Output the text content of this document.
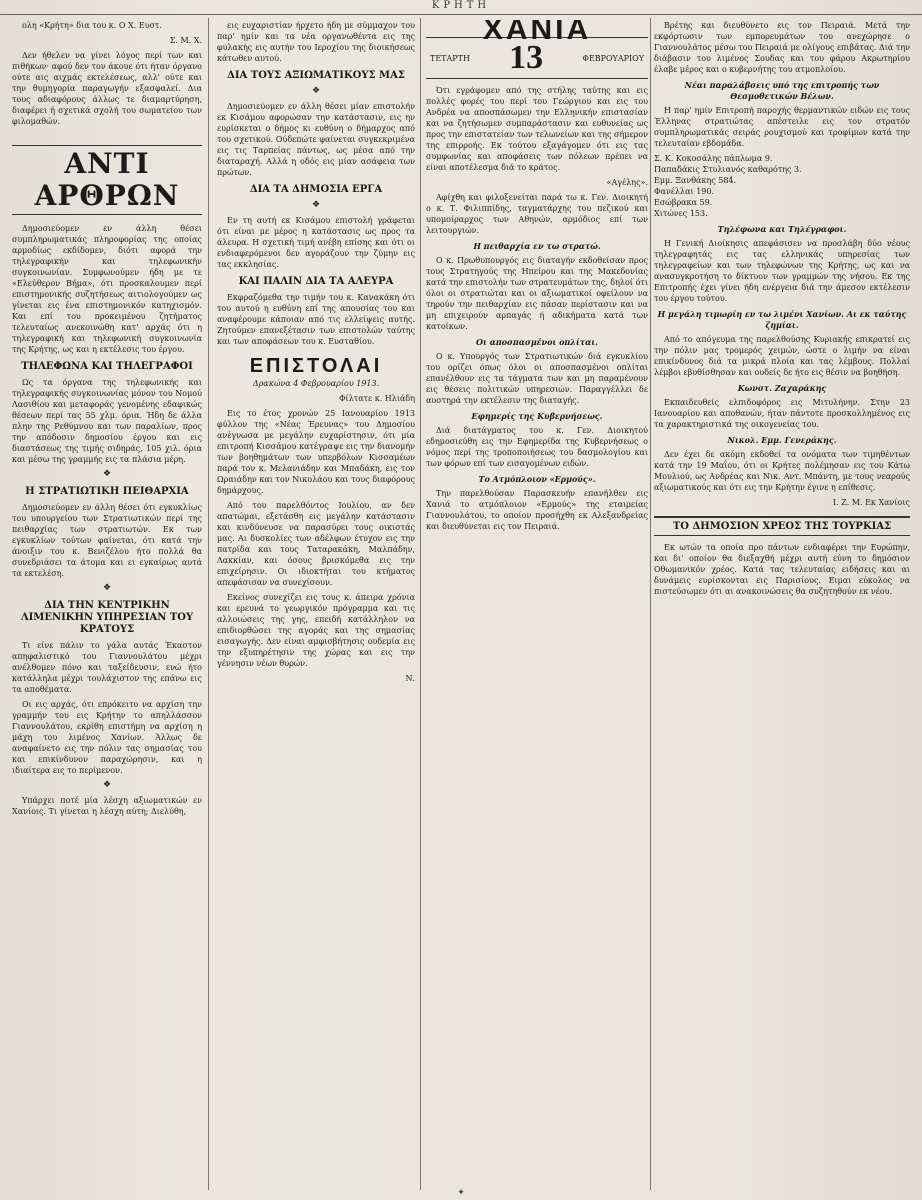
ΚΡΗΤΗ

ολη «Κρήτη» δια του κ. Ο Χ. Ευστ.

Σ. Μ. Χ.

Δεν ήθελεν να γίνει λόγος περί των και πιθήκων· αφού δεν τον άκουε ότι ήταν όργανο ούτε αις αιχμάς εκτελέσεως, αλλ' ούτε και την θυμηγορία παραγωγήν εξασφαλεί. Δια τους αδιαφόρους άλλως τε διαμαρτύρηση, διαφέρει ή σχετικά σχολή του σωματείου των φιλομαθών.

ΑΝΤΙ ΑΡΘΡΩΝ

Δημοσιεύομεν εν άλλη θέσει συμπληρωματικάς πληροφορίας της οποίας αρμοδίως εκδίδομεν, διότι αφορά την τηλεγραφικήν και τηλεφωνικήν συγκοινωνίαν. Συμφωνούμεν ήδη με τε «Ελεύθερον Βήμα», ότι προσκαλουμεν περί επιστημονικής συζητήσεως αιτιολογούμεν ως γίνεται εις ένα επιστημονικόν κατηχισμόν. Και επί του προκειμένου ζητήματος τελευταίως ανεκοινώθη κατ' αρχάς ότι η τηλεγραφική και τηλεφωνική συγκοινωνία της Κρήτης, ως και η εκτέλεσις του έργου.

ΤΗΛΕΦΩΝΑ ΚΑΙ ΤΗΛΕΓΡΑΦΟΙ

Ως τα όργανα της τηλεφωνικής και τηλεγραφικής συγκοινωνίας μόνον του Νομού Λασιθίου και μεταφοράς γενομένης εδαφικώς θέσεων περί τας 55 χλμ. όρια. Ήδη δε άλλα πλην της Ρεθύμνου και των παραλίων, προς την απόδοσιν δημοσίου έργου και εις διαστάσεως της τιμής σιδηράς, 105 χιλ. όρια και μέσω της γραμμής εις τα πλάσια μέρη.

❖
Η ΣΤΡΑΤΙΩΤΙΚΗ ΠΕΙΘΑΡΧΙΑ

Δημοσιεύομεν εν άλλη θέσει ότι εγκυκλίως του υπουργείου των Στρατιωτικών περί της πειθαρχίας των στρατιωτών. Εκ των εγκυκλίων τούτων φαίνεται, ότι κατά την άνοιξιν του κ. Βενιζέλου ήτο πολλά θα συνεδριάσει τα άτομα και ει εγκαίρως αυτά τα εκτελέση.

❖
ΔΙΑ ΤΗΝ ΚΕΝΤΡΙΚΗΝ ΛΙΜΕΝΙΚΗΝ ΥΠΗΡΕΣΙΑΝ ΤΟΥ ΚΡΑΤΟΥΣ

Τι είνε πάλιν το γάλα αυτάς Έκαστον απηφαλιστικό του Γιαννουλάτου μέχρι ανέλθομεν πόνο και ταξείδευσιν, ενώ ήτο κατάλληλα μέχρι τουλάχιστον της επάνω εις τα αποθέματα.

Οι εις αρχάς, ότι επρόκειτο να αρχίση την γραμμήν του εις Κρήτην το απηλλάσσον Γιαννουλάτου, εκρίθη επιστήμη να αρχίση η μάχη του λιμένος Χανίων. Άλλως δε αναφαίνετο εις την πόλιν τας σημασίας του και επικίνδυνον παραχώρησιν, και η ιδιαίτερα εις το περίμενον.

❖

Υπάρχει ποτέ μία λέσχη αξιωματικών εν Χανίοις. Τι γίνεται η λέσχη αύτη; Διελύθη,

εις ευχαριστίαν ήρχετο ήδη με σύμμαχον του παρ' ημίν και τα νέα οργανωθέντα εις της φυλακής εις αυτήν του Ιεροχίου της διοικήσεως κάτωθεν αυτού.

ΔΙΑ ΤΟΥΣ ΑΞΙΩΜΑΤΙΚΟΥΣ ΜΑΣ
❖

Δημοσιεύομεν εν άλλη θέσει μίαν επιστολήν εκ Κισάμου αφορώσαν την κατάστασιν, εις ην ευρίσκεται ο δήμος κι ευθύνη ο δήμαρχος από του σχετικού. Ούδεπώτε φαίνεται συγκεκριμένα εις τις Ταρπείας πάντως, ως μέσα από την διαταραχή. Αλλά η οδός εις μίαν ασάφεια των πρώτων.

ΔΙΑ ΤΑ ΔΗΜΟΣΙΑ ΕΡΓΑ
❖

Εν τη αυτή εκ Κισάμου επιστολή γράφεται ότι είναι με μέρος η κατάστασις ως προς τα άλευρα. Η σχετική τιμή ανέβη επίσης και ότι οι ενδιαφερόμενοι δεν αγοράζουν την ζύμην εις τας εκκλησίας.

ΚΑΙ ΠΑΛΙΝ ΔΙΑ ΤΑ ΑΛΕΥΡΑ

Εκφραζόμεθα την τιμήν του κ. Κανακάκη ότι του αυτού η ευθύνη επί της απουσίας του και αναφέρουμε κάποιαν από τις ελλείψεις αυτής. Ζητούμεν επανεξέτασιν των επιστολών ταύτης και των αποφάσεων του κ. Ευσταθίου.

ΕΠΙΣΤΟΛΑΙ
Δρακώνα 4 Φεβρουαρίου 1913.
Φίλτατε κ. Ηλιάδη

Εις το έτος χρονών 25 Ιανουαρίου 1913 φύλλον της «Νέας Έρευνας» του Δημοσίου ανέγνωσα με μεγάλην ευχαρίστησιν, ότι μία επιτροπή Κισσάμου κατέγραψε εις την διανομήν των βοηθημάτων των υπερβόλων Κισσαμέων παρά τον κ. Μελανιάδην και Μπαδάκη, εις τον Ωραιάδην και τον Νικολάου και τους διαφόρους δημάρχους.

Από του παρελθόντος Ιουλίου, αν δεν απατώμαι, εξετάσθη εις μεγάλην κατάστασιν και κινδύνευσε να παρασύρει τους οικιστάς μας. Αι δυσκολίες των αδέλφων έτυχον εις την πατρίδα και τους Ταταρακάκη, Μαλπάδην, Λακκίαν, και όσους βρισκόμεθα εις την επιχείρησιν. Οι ιδιοκτήται του κτήματος απεφάσισαν να συνεχίσουν.

Εκείνος συνεχίζει εις τους κ. άπειρα χρόνια και ερευνά το γεωργικόν πρόγραμμα και τις αλλοιώσεις της γης, επειδή κατάλληλον να επιδιορθώσει της αγοράς και της σημασίας εισαγωγής. Δεν είναι αμφισβήτησις ουδεμία εις την εξυπηρέτησιν της χώρας και εις την γέννησιν νέων θυρών.

Ν.
ΧΑΝΙΑ
ΤΕΤΑΡΤΗ 13	ΦΕΒΡΟΥΑΡΙΟΥ

Ότι εγράφομεν από της στήλης ταύτης και εις πολλές φορές του περί του Γεώργιου και εις του Ανδρέα να αποσπάσωμεν την Ελληνικήν επιστασίαν και να ζητήσωμεν συμπαράστασιν και ευθυνείας ως προς την επιστατείαν των τελωνείων και της σήμερον της επιρροής. Εκ τούτου εξαγάγομεν ότι εις τας συμφωνίας και αποφάσεις των πόλεων πρέπει να είναι αποτέλεσμα διά το κράτος.

«Αγέλης».

Αφίχθη και φιλοξενείται παρά τω κ. Γεν. Διοικητή ο κ. Τ. Φιλιππίδης, ταγματάρχης του πεζικού και υπομοίραρχος των Αθηνών, αρμόδιος επί των λειτουργιών.

Η πειθαρχία εν τω στρατώ.

Ο κ. Πρωθυπουργός εις διαταγήν εκδοθείσαν προς τους Στρατηγούς της Ηπείρου και της Μακεδονίας κατά την επιστολήν των στρατευμάτων της, δηλοί ότι όλοι οι στρατιώται και οι αξιωματικοί οφείλουν να τηρούν την πειθαρχίαν εις πάσαν περίστασιν και να μη επιχειρούν αρπαγάς ή αδικήματα κατά των κατοίκων.

Οι αποσπασμένοι οπλίται.

Ο κ. Υπουργός των Στρατιωτικών διά εγκυκλίου του ορίζει όπως όλοι οι αποσπασμένοι οπλίται επανέλθουν εις τα τάγματα των και μη παραμένουν εις θέσεις πολιτικών υπηρεσιών. Παραγγέλλει δε αυστηρά την εκτέλεσιν της διαταγής.

Εφημερίς της Κυβερνήσεως.

Διά διατάγματος του κ. Γεν. Διοικητού εδημοσιεύθη εις την Εφημερίδα της Κυβερνήσεως ο νόμος περί της τροποποιήσεως του δασμολογίου και των φόρων επί των εισαγομένων ειδών.

Το Ατμόπλοιον «Ερμούς».

Την παρελθούσαν Παρασκευήν επανήλθεν εις Χανιά το ατμόπλοιον «Ερμούς» της εταιρείας Γιαννουλάτου, το οποίον προσήχθη εκ Αλεξανδρείας και διευθύνεται εις τον Πειραιά.

Βρέτης και διευθύνετο εις τον Πειραιά. Μετά την εκφόρτωσιν των εμπορευμάτων του ανεχώρησε ο Γιαννουλάτος μέσω του Πειραιά με ολίγους επιβάτας. Διά την διάβασιν του λιμένος Σουδας και του φάρου Ακρωτηρίου έλαβε μέρος και ο κυβερνήτης του ατμοπλοίου.

Νέαι παραλάβσεις υπό της επιτροπής των Θεσμοθετικών Βέλων.

Η παρ' ημίν Επιτροπή παροχής θερμαντικών ειδών εις τους Έλληνας στρατιώτας απέστειλε εις τον στρατόν συμπληρωματικάς σειράς ρουχισμού και τροφίμων κατά την τελευταίαν εβδομάδα.

Σ. Κ. Κοκοσάλης πάπλωμα 9.
Παπαδάκις Στυλιανός καθαρότης 3.
Εμμ. Ξανθάκης 584.
Φανέλλαι 190.
Εσώβρακα 59.
Χιτώνες 153.
Τηλέφωνα και Τηλέγραφοι.

Η Γενική Διοίκησις απεφάσισεν να προσλάβη δύο νέους τηλεγραφητάς εις τας ελληνικάς υπηρεσίας των τηλεγραφείων και των τηλεφώνων της Κρήτης, ως και να ανασυγκροτήση το δίκτυον των γραμμών της νήσου. Εκ της Επιτροπής έχει γίνει ήδη ενέργεια διά την άμεσον εκτέλεσιν του έργου τούτου.

Η μεγάλη τιμωρίη εν τω λιμένι Χανίων. Αι εκ ταύτης ζημίαι.

Από το απόγευμα της παρελθούσης Κυριακής επικρατεί εις την πόλιν μας τρομερός χειμών, ώστε ο λιμήν να είναι επικίνδυνος διά τα μικρά πλοία και τας λέμβους. Πολλαί λέμβοι εβυθίσθησαν και ουδείς δε ήτο εις θέσιν να βοηθήση.

Κωνστ. Ζαχαράκης

Εκπαιδευθείς ελπιδοφόρος εις Μιτυλήνην. Στην 23 Ιανουαρίου και αποθανών, ήταν πάντοτε προσκολλημένος εις τα χαρακτηριστικά της οικογενείας του.

Νικολ. Εμμ. Γενεράκης.

Δεν έχει δε ακόμη εκδοθεί τα ονόματα των τιμηθέντων κατά την 19 Μαΐου, ότι οι Κρήτες πολέμησαν εις του Κάτω Μουλιού, ως Ανδρέας και Νικ. Αντ. Μπάντη, με τους νεαρούς αξιωματικούς και ότι εις την Κρήτην έγινε η επίθεσις.

Ι. Ζ. Μ. Εκ Χανίοις
ΤΟ ΔΗΜΟΣΙΟΝ ΧΡΕΟΣ ΤΗΣ ΤΟΥΡΚΙΑΣ

Εκ ωτών τα οποία προ πάντων ενδιαφέρει την Ευρώπην, και δι' οποίον θα διεξαχθή μέχρι αυτή εύνη το δημόσιον Οθωμανικόν χρέος. Κατά τας τελευταίας ειδήσεις και αι δυνάμεις ευρίσκονται εις Παρισίους. Ειμαι εύκολος να πιστεύσωμεν ότι αι ανακοινώσεις θα συζητηθούν εκ νέου.

✦
